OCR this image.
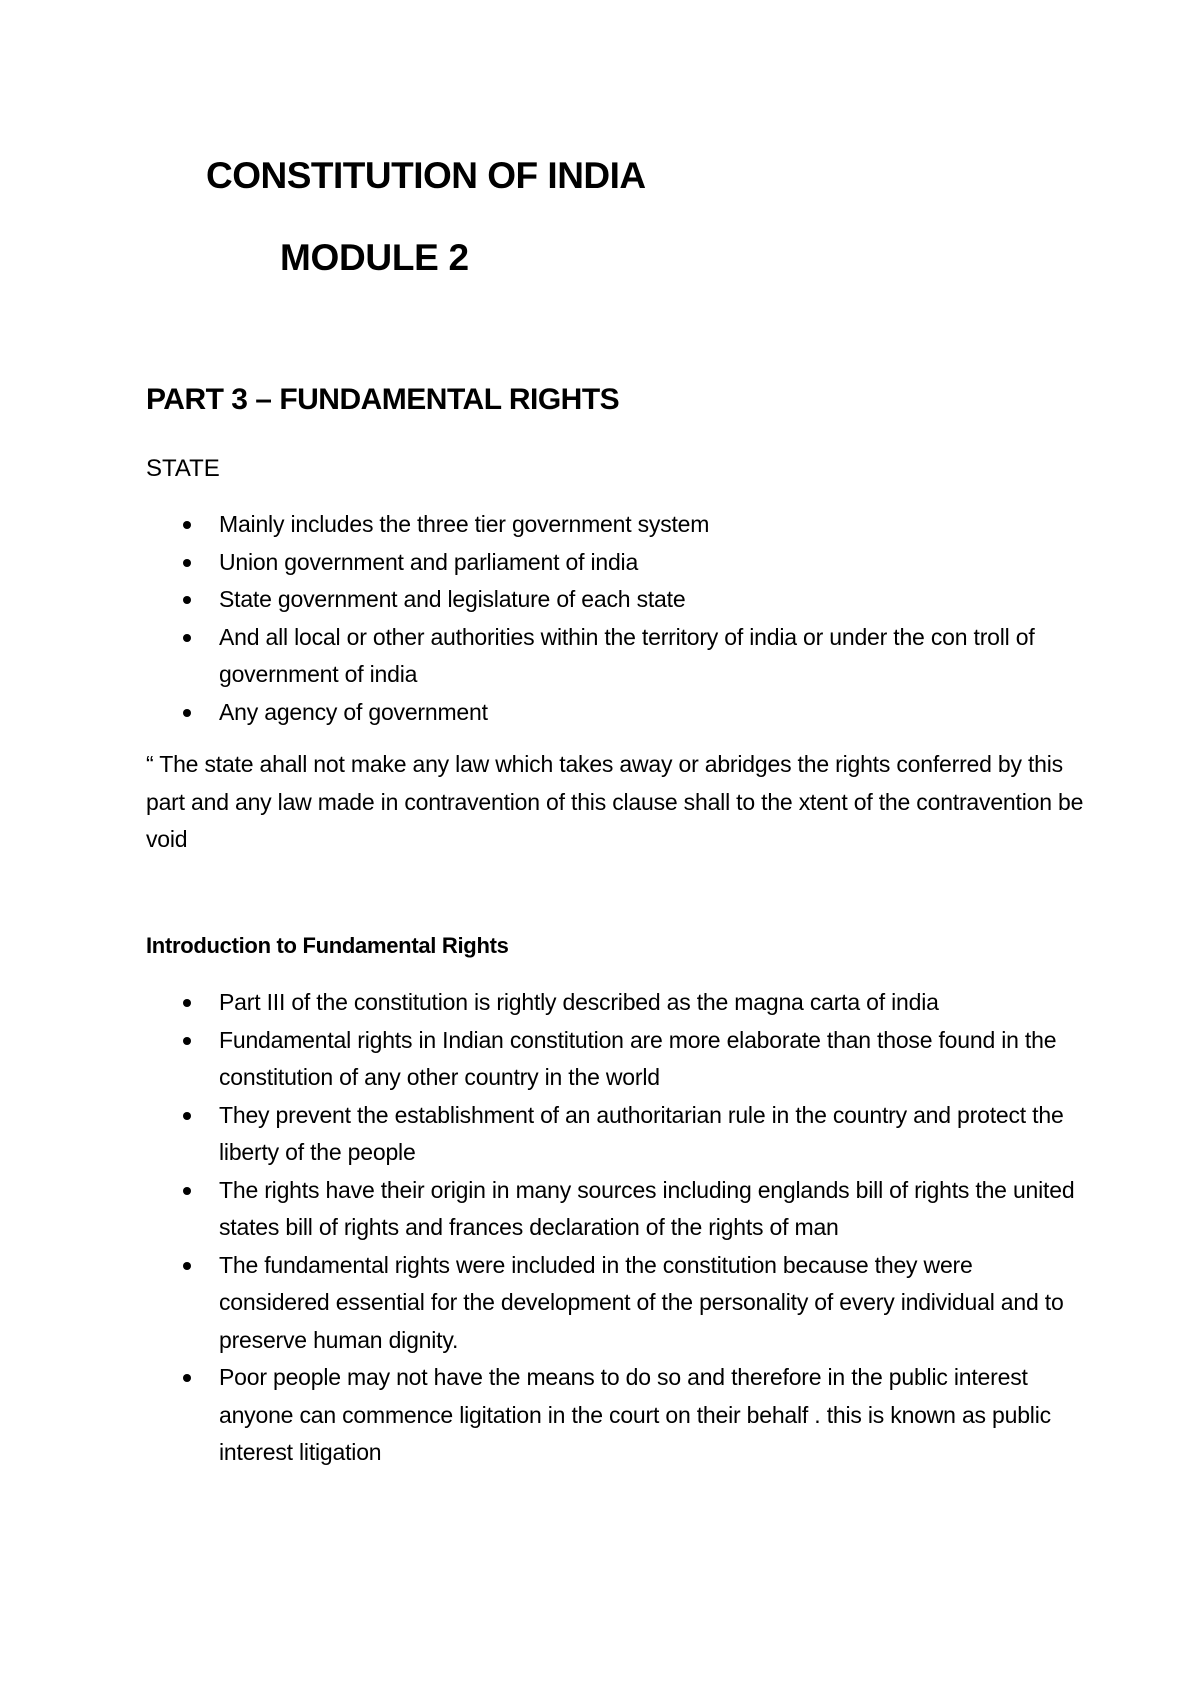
CONSTITUTION OF INDIA
MODULE 2
PART 3 – FUNDAMENTAL RIGHTS
STATE
Mainly includes the three tier government system
Union government and parliament of india
State government and legislature of each state
And all local or other authorities within the territory of india or under the con troll of government of india
Any agency of government

“ The state ahall not make any law which takes away or abridges the rights conferred by this part and any law made in contravention of this clause shall to the xtent of the contravention be void

Introduction to Fundamental Rights
Part III of the constitution is rightly described as the magna carta of india
Fundamental rights in Indian constitution are more elaborate than those found in the constitution of any other country in the world
They prevent the establishment of an authoritarian rule in the country and protect the liberty of the people
The rights have their origin in many sources including englands bill of rights the united states bill of rights and frances declaration of the rights of man
The fundamental rights were included in the constitution because they were considered essential for the development of the personality of every individual and to preserve human dignity.
Poor people may not have the means to do so and therefore in the public interest anyone can commence ligitation in the court on their behalf . this is known as public interest litigation
